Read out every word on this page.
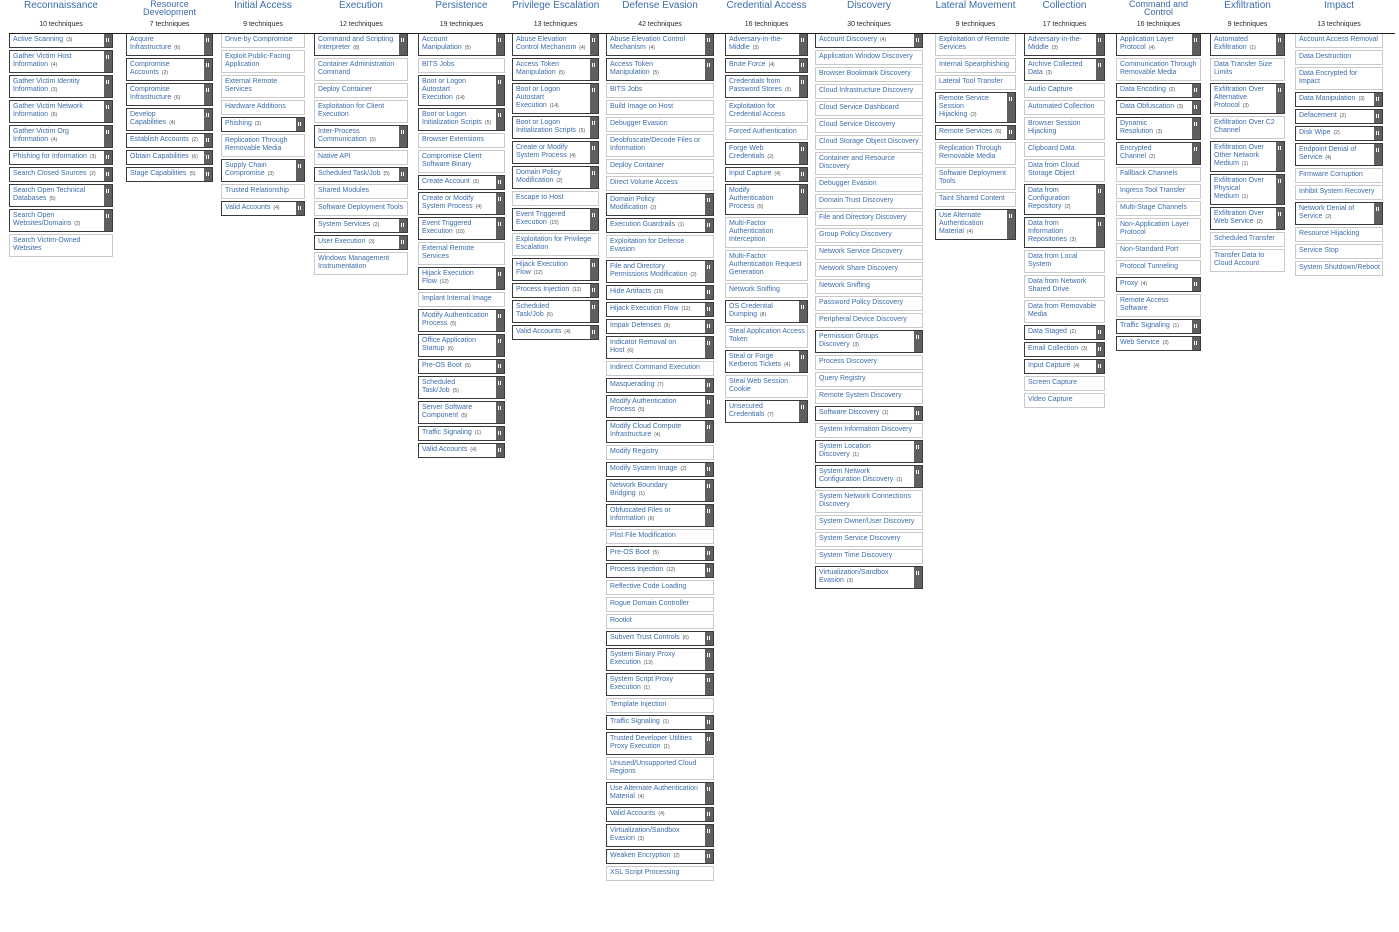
Reconnaissance
10 techniques
Active Scanning (3)
Gather Victim Host Information (4)
Gather Victim Identity Information (3)
Gather Victim Network Information (6)
Gather Victim Org Information (4)
Phishing for Information (3)
Search Closed Sources (2)
Search Open Technical Databases (5)
Search Open Websites/Domains (2)
Search Victim-Owned Websites
Resource Development
7 techniques
Acquire Infrastructure (6)
Compromise Accounts (2)
Compromise Infrastructure (6)
Develop Capabilities (4)
Establish Accounts (2)
Obtain Capabilities (6)
Stage Capabilities (5)
Initial Access
9 techniques
Drive-by Compromise
Exploit Public-Facing Application
External Remote Services
Hardware Additions
Phishing (3)
Replication Through Removable Media
Supply Chain Compromise (3)
Trusted Relationship
Valid Accounts (4)
Execution
12 techniques
Command and Scripting Interpreter (8)
Container Administration Command
Deploy Container
Exploitation for Client Execution
Inter-Process Communication (3)
Native API
Scheduled Task/Job (5)
Shared Modules
Software Deployment Tools
System Services (2)
User Execution (3)
Windows Management Instrumentation
Persistence
19 techniques
Account Manipulation (5)
BITS Jobs
Boot or Logon Autostart Execution (14)
Boot or Logon Initialization Scripts (5)
Browser Extensions
Compromise Client Software Binary
Create Account (3)
Create or Modify System Process (4)
Event Triggered Execution (15)
External Remote Services
Hijack Execution Flow (12)
Implant Internal Image
Modify Authentication Process (5)
Office Application Startup (6)
Pre-OS Boot (5)
Scheduled Task/Job (5)
Server Software Component (5)
Traffic Signaling (1)
Valid Accounts (4)
Privilege Escalation
13 techniques
Abuse Elevation Control Mechanism (4)
Access Token Manipulation (5)
Boot or Logon Autostart Execution (14)
Boot or Logon Initialization Scripts (5)
Create or Modify System Process (4)
Domain Policy Modification (2)
Escape to Host
Event Triggered Execution (15)
Exploitation for Privilege Escalation
Hijack Execution Flow (12)
Process Injection (12)
Scheduled Task/Job (5)
Valid Accounts (4)
Defense Evasion
42 techniques
Abuse Elevation Control Mechanism (4)
Access Token Manipulation (5)
BITS Jobs
Build Image on Host
Debugger Evasion
Deobfuscate/Decode Files or Information
Deploy Container
Direct Volume Access
Domain Policy Modification (2)
Execution Guardrails (1)
Exploitation for Defense Evasion
File and Directory Permissions Modification (2)
Hide Artifacts (10)
Hijack Execution Flow (12)
Impair Defenses (9)
Indicator Removal on Host (6)
Indirect Command Execution
Masquerading (7)
Modify Authentication Process (5)
Modify Cloud Compute Infrastructure (4)
Modify Registry
Modify System Image (2)
Network Boundary Bridging (1)
Obfuscated Files or Information (6)
Plist File Modification
Pre-OS Boot (5)
Process Injection (12)
Reflective Code Loading
Rogue Domain Controller
Rootkit
Subvert Trust Controls (6)
System Binary Proxy Execution (13)
System Script Proxy Execution (1)
Template Injection
Traffic Signaling (1)
Trusted Developer Utilities Proxy Execution (1)
Unused/Unsupported Cloud Regions
Use Alternate Authentication Material (4)
Valid Accounts (4)
Virtualization/Sandbox Evasion (3)
Weaken Encryption (2)
XSL Script Processing
Credential Access
16 techniques
Adversary-in-the-Middle (3)
Brute Force (4)
Credentials from Password Stores (5)
Exploitation for Credential Access
Forced Authentication
Forge Web Credentials (2)
Input Capture (4)
Modify Authentication Process (5)
Multi-Factor Authentication Interception
Multi-Factor Authentication Request Generation
Network Sniffing
OS Credential Dumping (8)
Steal Application Access Token
Steal or Forge Kerberos Tickets (4)
Steal Web Session Cookie
Unsecured Credentials (7)
Discovery
30 techniques
Account Discovery (4)
Application Window Discovery
Browser Bookmark Discovery
Cloud Infrastructure Discovery
Cloud Service Dashboard
Cloud Service Discovery
Cloud Storage Object Discovery
Container and Resource Discovery
Debugger Evasion
Domain Trust Discovery
File and Directory Discovery
Group Policy Discovery
Network Service Discovery
Network Share Discovery
Network Sniffing
Password Policy Discovery
Peripheral Device Discovery
Permission Groups Discovery (3)
Process Discovery
Query Registry
Remote System Discovery
Software Discovery (1)
System Information Discovery
System Location Discovery (1)
System Network Configuration Discovery (1)
System Network Connections Discovery
System Owner/User Discovery
System Service Discovery
System Time Discovery
Virtualization/Sandbox Evasion (3)
Lateral Movement
9 techniques
Exploitation of Remote Services
Internal Spearphishing
Lateral Tool Transfer
Remote Service Session Hijacking (2)
Remote Services (6)
Replication Through Removable Media
Software Deployment Tools
Taint Shared Content
Use Alternate Authentication Material (4)
Collection
17 techniques
Adversary-in-the-Middle (3)
Archive Collected Data (3)
Audio Capture
Automated Collection
Browser Session Hijacking
Clipboard Data
Data from Cloud Storage Object
Data from Configuration Repository (2)
Data from Information Repositories (3)
Data from Local System
Data from Network Shared Drive
Data from Removable Media
Data Staged (2)
Email Collection (3)
Input Capture (4)
Screen Capture
Video Capture
Command and Control
16 techniques
Application Layer Protocol (4)
Communication Through Removable Media
Data Encoding (2)
Data Obfuscation (3)
Dynamic Resolution (3)
Encrypted Channel (2)
Fallback Channels
Ingress Tool Transfer
Multi-Stage Channels
Non-Application Layer Protocol
Non-Standard Port
Protocol Tunneling
Proxy (4)
Remote Access Software
Traffic Signaling (1)
Web Service (3)
Exfiltration
9 techniques
Automated Exfiltration (1)
Data Transfer Size Limits
Exfiltration Over Alternative Protocol (3)
Exfiltration Over C2 Channel
Exfiltration Over Other Network Medium (1)
Exfiltration Over Physical Medium (1)
Exfiltration Over Web Service (2)
Scheduled Transfer
Transfer Data to Cloud Account
Impact
13 techniques
Account Access Removal
Data Destruction
Data Encrypted for Impact
Data Manipulation (3)
Defacement (2)
Disk Wipe (2)
Endpoint Denial of Service (4)
Firmware Corruption
Inhibit System Recovery
Network Denial of Service (2)
Resource Hijacking
Service Stop
System Shutdown/Reboot
